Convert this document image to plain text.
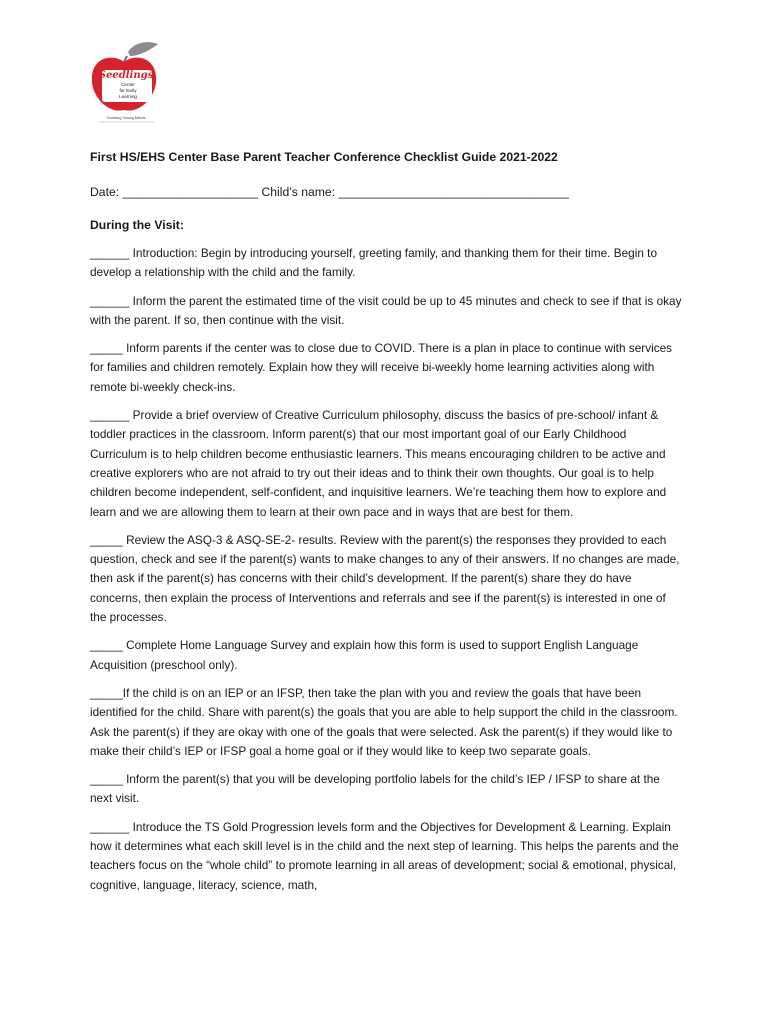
Seedlings
Center
for Early
Learning
Growing Young Minds
First HS/EHS Center Base Parent Teacher Conference Checklist Guide 2021-2022
Date: ____________________ Child’s name: __________________________________
During the Visit:

______ Introduction: Begin by introducing yourself, greeting family, and thanking them for their time. Begin to develop a relationship with the child and the family.

______ Inform the parent the estimated time of the visit could be up to 45 minutes and check to see if that is okay with the parent. If so, then continue with the visit.

_____ Inform parents if the center was to close due to COVID. There is a plan in place to continue with services for families and children remotely. Explain how they will receive bi-weekly home learning activities along with remote bi-weekly check-ins.

______ Provide a brief overview of Creative Curriculum philosophy, discuss the basics of pre-school/ infant & toddler practices in the classroom. Inform parent(s) that our most important goal of our Early Childhood Curriculum is to help children become enthusiastic learners. This means encouraging children to be active and creative explorers who are not afraid to try out their ideas and to think their own thoughts. Our goal is to help children become independent, self-confident, and inquisitive learners. We’re teaching them how to explore and learn and we are allowing them to learn at their own pace and in ways that are best for them.

_____ Review the ASQ-3 & ASQ-SE-2- results. Review with the parent(s) the responses they provided to each question, check and see if the parent(s) wants to make changes to any of their answers. If no changes are made, then ask if the parent(s) has concerns with their child’s development. If the parent(s) share they do have concerns, then explain the process of Interventions and referrals and see if the parent(s) is interested in one of the processes.

_____ Complete Home Language Survey and explain how this form is used to support English Language Acquisition (preschool only).

_____If the child is on an IEP or an IFSP, then take the plan with you and review the goals that have been identified for the child. Share with parent(s) the goals that you are able to help support the child in the classroom. Ask the parent(s) if they are okay with one of the goals that were selected. Ask the parent(s) if they would like to make their child’s IEP or IFSP goal a home goal or if they would like to keep two separate goals.

_____ Inform the parent(s) that you will be developing portfolio labels for the child’s IEP / IFSP to share at the next visit.

______ Introduce the TS Gold Progression levels form and the Objectives for Development & Learning. Explain how it determines what each skill level is in the child and the next step of learning. This helps the parents and the teachers focus on the “whole child” to promote learning in all areas of development; social & emotional, physical, cognitive, language, literacy, science, math,
